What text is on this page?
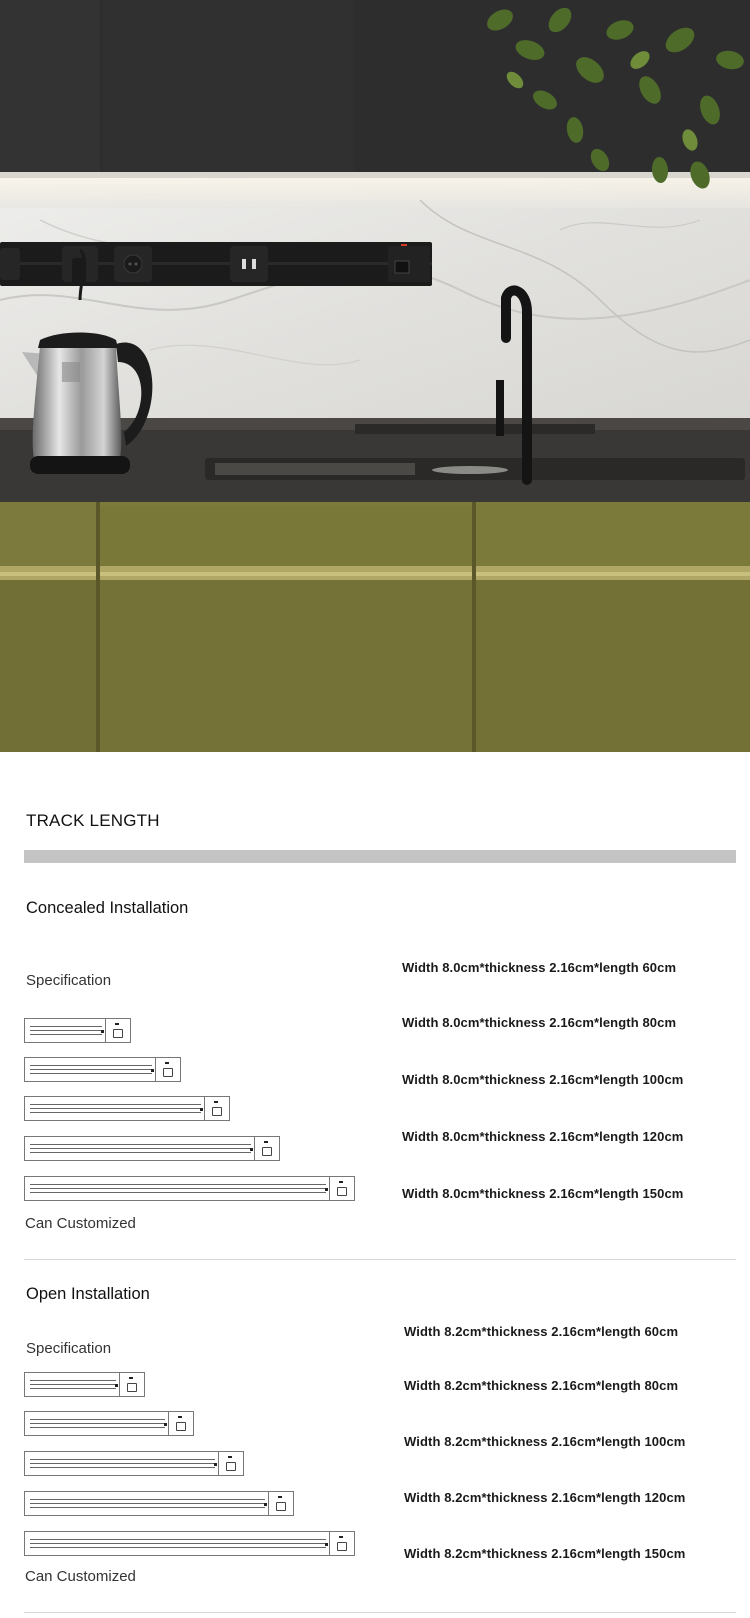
TRACK LENGTH
Concealed Installation
Specification
Width 8.0cm*thickness 2.16cm*length 60cm
Width 8.0cm*thickness 2.16cm*length 80cm
Width 8.0cm*thickness 2.16cm*length 100cm
Width 8.0cm*thickness 2.16cm*length 120cm
Width 8.0cm*thickness 2.16cm*length 150cm
Can Customized
Open Installation
Specification
Width 8.2cm*thickness 2.16cm*length 60cm
Width 8.2cm*thickness 2.16cm*length 80cm
Width 8.2cm*thickness 2.16cm*length 100cm
Width 8.2cm*thickness 2.16cm*length 120cm
Width 8.2cm*thickness 2.16cm*length 150cm
Can Customized
